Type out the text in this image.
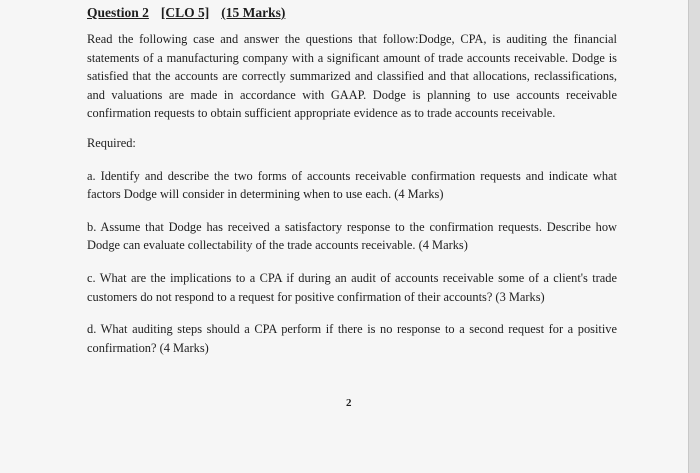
Question 2 [CLO 5] (15 Marks)

Read the following case and answer the questions that follow:Dodge, CPA, is auditing the financial statements of a manufacturing company with a significant amount of trade accounts receivable. Dodge is satisfied that the accounts are correctly summarized and classified and that allocations, reclassifications, and valuations are made in accordance with GAAP. Dodge is planning to use accounts receivable confirmation requests to obtain sufficient appropriate evidence as to trade accounts receivable.

Required:

a. Identify and describe the two forms of accounts receivable confirmation requests and indicate what factors Dodge will consider in determining when to use each. (4 Marks)

b. Assume that Dodge has received a satisfactory response to the confirmation requests. Describe how Dodge can evaluate collectability of the trade accounts receivable. (4 Marks)

c. What are the implications to a CPA if during an audit of accounts receivable some of a client's trade customers do not respond to a request for positive confirmation of their accounts? (3 Marks)

d. What auditing steps should a CPA perform if there is no response to a second request for a positive confirmation? (4 Marks)

2
